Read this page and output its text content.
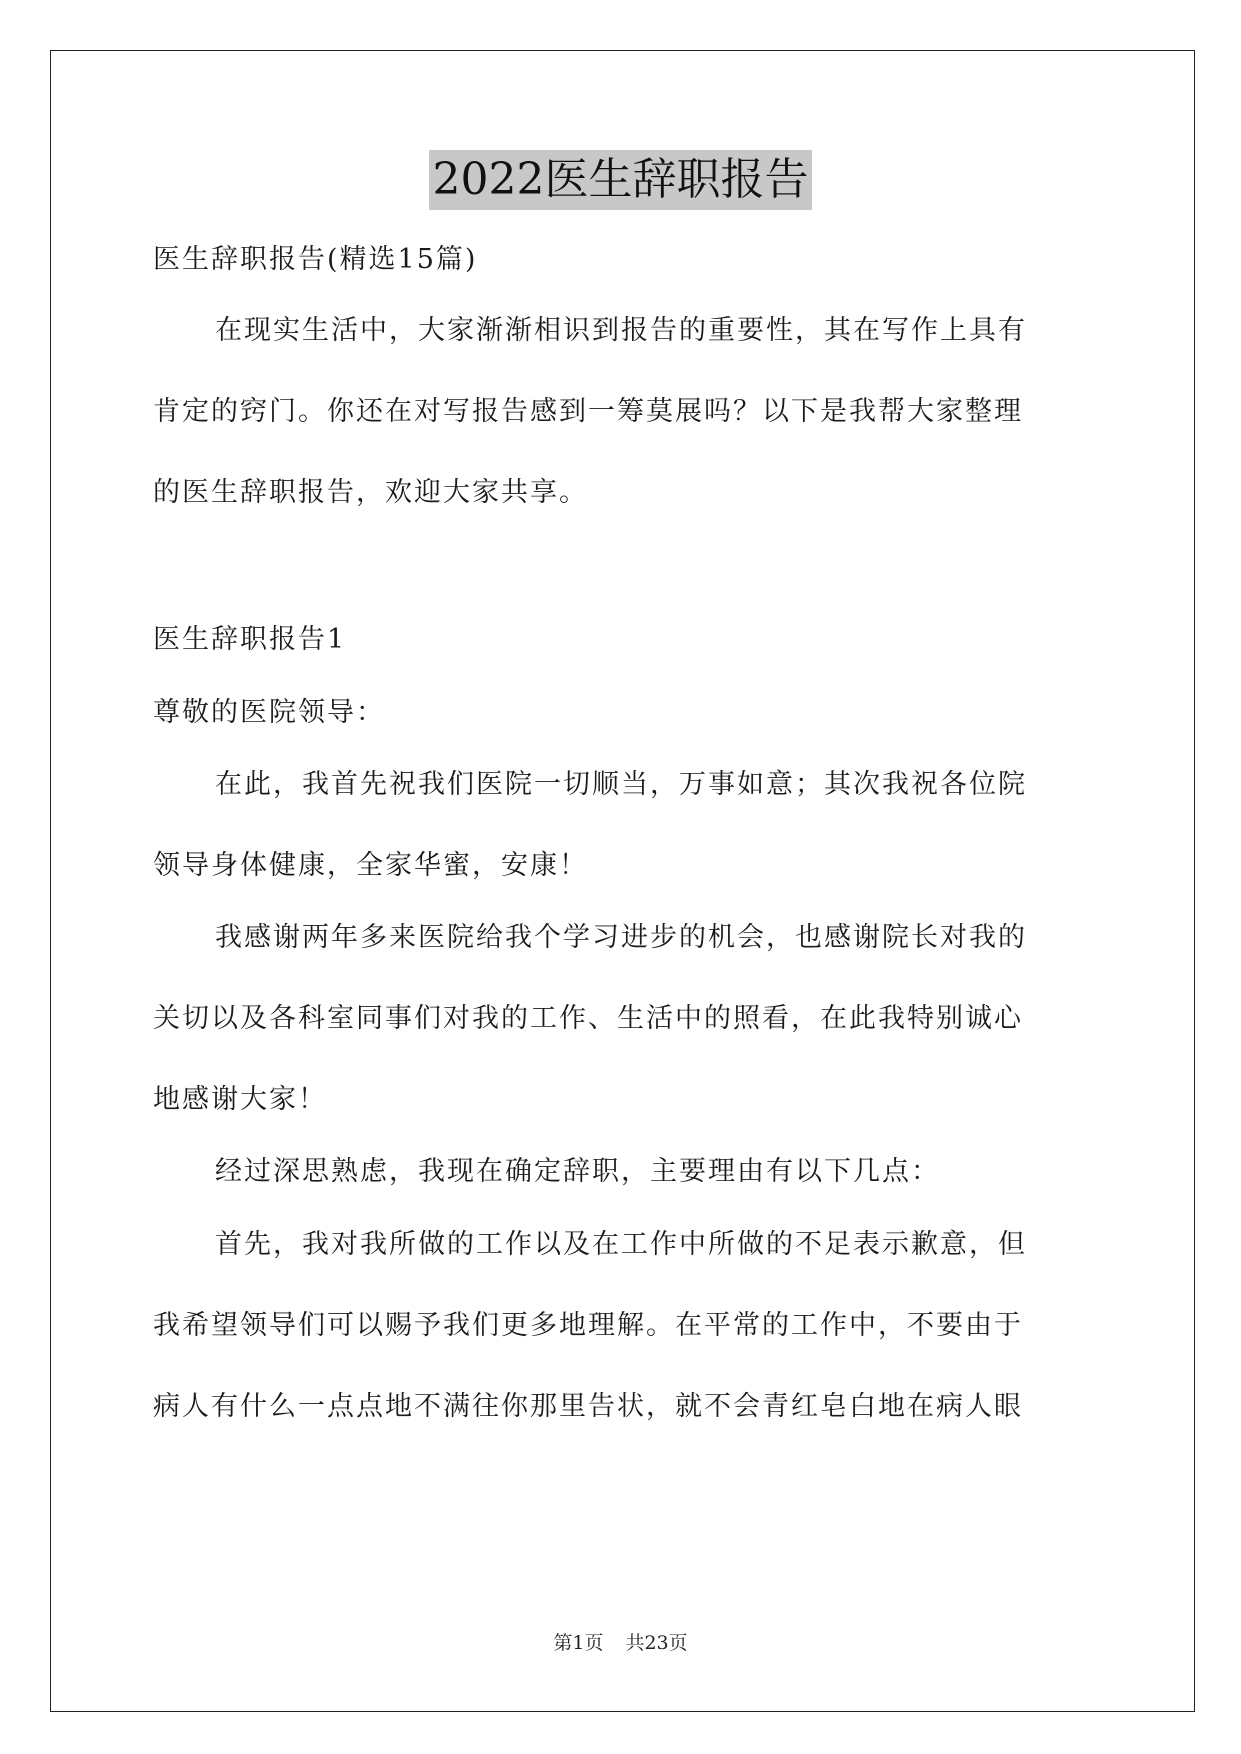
2022医生辞职报告
医生辞职报告(精选15篇)
在现实生活中，大家渐渐相识到报告的重要性，其在写作上具有
肯定的窍门。你还在对写报告感到一筹莫展吗？以下是我帮大家整理
的医生辞职报告，欢迎大家共享。
医生辞职报告1
尊敬的医院领导：
在此，我首先祝我们医院一切顺当，万事如意；其次我祝各位院
领导身体健康，全家华蜜，安康！
我感谢两年多来医院给我个学习进步的机会，也感谢院长对我的
关切以及各科室同事们对我的工作、生活中的照看，在此我特别诚心
地感谢大家！
经过深思熟虑，我现在确定辞职，主要理由有以下几点：
首先，我对我所做的工作以及在工作中所做的不足表示歉意，但
我希望领导们可以赐予我们更多地理解。在平常的工作中，不要由于
病人有什么一点点地不满往你那里告状，就不会青红皂白地在病人眼
第1页 共23页
